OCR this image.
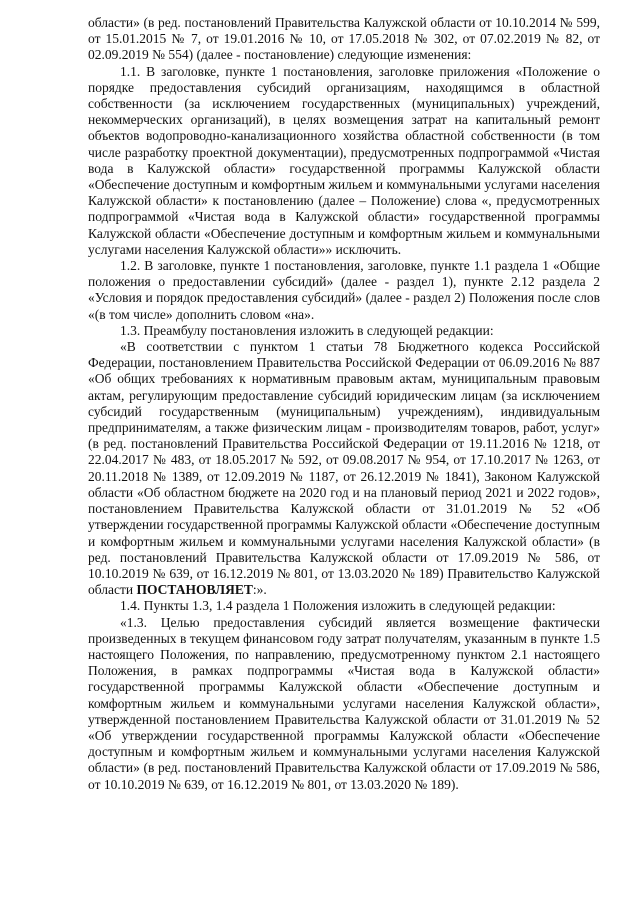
области» (в ред. постановлений Правительства Калужской области от 10.10.2014 № 599, от 15.01.2015 № 7, от 19.01.2016 № 10, от 17.05.2018 № 302, от 07.02.2019 № 82, от 02.09.2019 № 554) (далее - постановление) следующие изменения:

1.1. В заголовке, пункте 1 постановления, заголовке приложения «Положение о порядке предоставления субсидий организациям, находящимся в областной собственности (за исключением государственных (муниципальных) учреждений, некоммерческих организаций), в целях возмещения затрат на капитальный ремонт объектов водопроводно-канализационного хозяйства областной собственности (в том числе разработку проектной документации), предусмотренных подпрограммой «Чистая вода в Калужской области» государственной программы Калужской области «Обеспечение доступным и комфортным жильем и коммунальными услугами населения Калужской области» к постановлению (далее – Положение) слова «, предусмотренных подпрограммой «Чистая вода в Калужской области» государственной программы Калужской области «Обеспечение доступным и комфортным жильем и коммунальными услугами населения Калужской области»» исключить.

1.2. В заголовке, пункте 1 постановления, заголовке, пункте 1.1 раздела 1 «Общие положения о предоставлении субсидий» (далее - раздел 1), пункте 2.12 раздела 2 «Условия и порядок предоставления субсидий» (далее - раздел 2) Положения после слов «(в том числе» дополнить словом «на».

1.3. Преамбулу постановления изложить в следующей редакции:

«В соответствии с пунктом 1 статьи 78 Бюджетного кодекса Российской Федерации, постановлением Правительства Российской Федерации от 06.09.2016 № 887 «Об общих требованиях к нормативным правовым актам, муниципальным правовым актам, регулирующим предоставление субсидий юридическим лицам (за исключением субсидий государственным (муниципальным) учреждениям), индивидуальным предпринимателям, а также физическим лицам - производителям товаров, работ, услуг» (в ред. постановлений Правительства Российской Федерации от 19.11.2016 № 1218, от 22.04.2017 № 483, от 18.05.2017 № 592, от 09.08.2017 № 954, от 17.10.2017 № 1263, от 20.11.2018 № 1389, от 12.09.2019 № 1187, от 26.12.2019 № 1841), Законом Калужской области «Об областном бюджете на 2020 год и на плановый период 2021 и 2022 годов», постановлением Правительства Калужской области от 31.01.2019 № 52 «Об утверждении государственной программы Калужской области «Обеспечение доступным и комфортным жильем и коммунальными услугами населения Калужской области» (в ред. постановлений Правительства Калужской области от 17.09.2019 № 586, от 10.10.2019 № 639, от 16.12.2019 № 801, от 13.03.2020 № 189) Правительство Калужской области ПОСТАНОВЛЯЕТ:».

1.4. Пункты 1.3, 1.4 раздела 1 Положения изложить в следующей редакции:

«1.3. Целью предоставления субсидий является возмещение фактически произведенных в текущем финансовом году затрат получателям, указанным в пункте 1.5 настоящего Положения, по направлению, предусмотренному пунктом 2.1 настоящего Положения, в рамках подпрограммы «Чистая вода в Калужской области» государственной программы Калужской области «Обеспечение доступным и комфортным жильем и коммунальными услугами населения Калужской области», утвержденной постановлением Правительства Калужской области от 31.01.2019 № 52 «Об утверждении государственной программы Калужской области «Обеспечение доступным и комфортным жильем и коммунальными услугами населения Калужской области» (в ред. постановлений Правительства Калужской области от 17.09.2019 № 586, от 10.10.2019 № 639, от 16.12.2019 № 801, от 13.03.2020 № 189).
